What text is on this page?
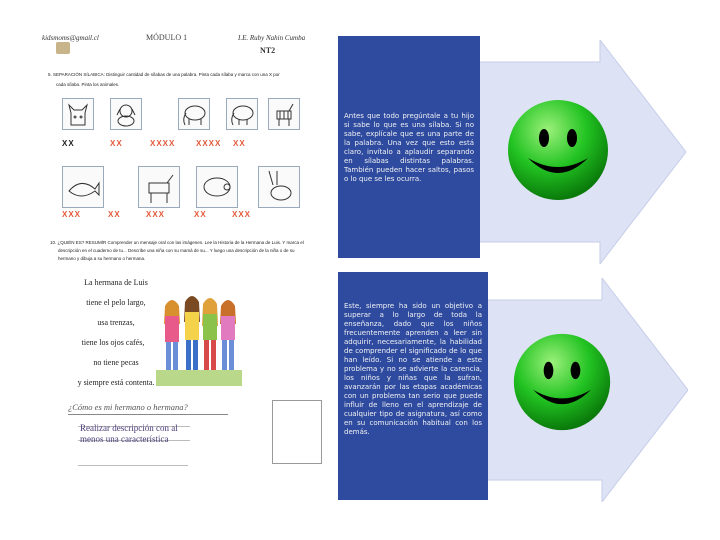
kidsmoms@gmail.cl	MÓDULO 1	I.E. Ruby Nahin Cumba
NT2
5. SEPARACIÓN SÍLABICA: Distinguir cantidad de sílabas de una palabra. Pinta cada sílaba y marca con una X por
cada sílaba. Pinta los animales.
XX	XX	XXXX	XXXX XX
XXX	XX	XXX	XX	XXX
10. ¿QUIÉN ES? RESUMÍR Comprender un mensaje oral con las imágenes. Lee la Historia de la Hermana de Luis. Y marca el
descripción en el cuaderno de tu... Describe una niña con su mamá de su... Y luego una descripción de la niña o de su
hermano y dibuja a su hermano o hermana.
La hermana de Luis
tiene el pelo largo,
usa trenzas,
tiene los ojos cafés,
no tiene pecas
y siempre está contenta.
¿Cómo es mi hermano o hermana?
Realizar descripción con al menos una característica
Antes que todo pregúntale a tu hijo si sabe lo que es una sílaba. Si no sabe, explícale que es una parte de la palabra. Una vez que esto está claro, invítalo a aplaudir separando en sílabas distintas palabras. También pueden hacer saltos, pasos o lo que se les ocurra.
Este, siempre ha sido un objetivo a superar a lo largo de toda la enseñanza, dado que los niños frecuentemente aprenden a leer sin adquirir, necesariamente, la habilidad de comprender el significado de lo que han leído. Si no se atiende a este problema y no se advierte la carencia, los niños y niñas que la sufran, avanzarán por las etapas académicas con un problema tan serio que puede influir de lleno en el aprendizaje de cualquier tipo de asignatura, así como en su comunicación habitual con los demás.
